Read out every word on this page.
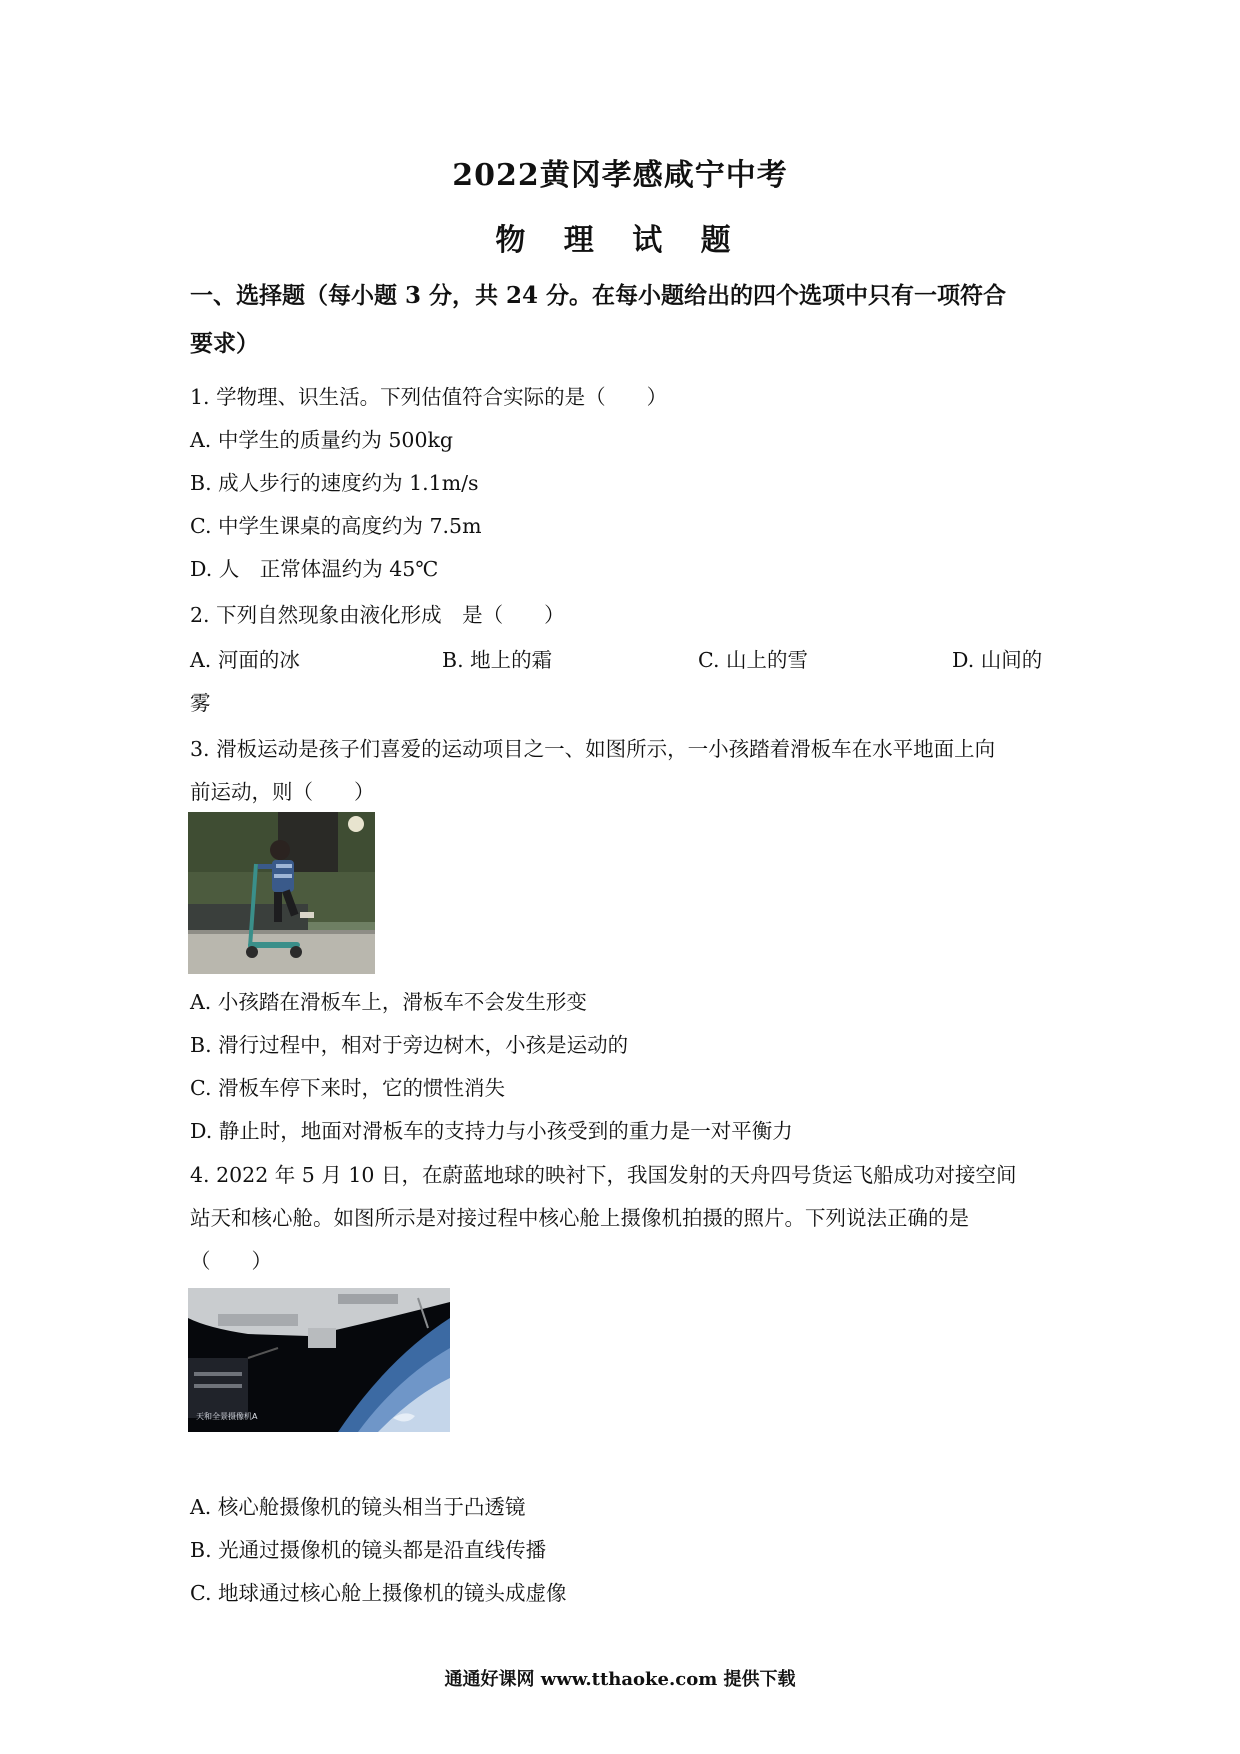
2022黄冈孝感咸宁中考
物 理 试 题
一、选择题（每小题 3 分，共 24 分。在每小题给出的四个选项中只有一项符合
要求）
1. 学物理、识生活。下列估值符合实际的是（　　）
A. 中学生的质量约为 500kg
B. 成人步行的速度约为 1.1m/s
C. 中学生课桌的高度约为 7.5m
D. 人　正常体温约为 45℃
2. 下列自然现象由液化形成　是（　　）
A. 河面的冰	B. 地上的霜	C. 山上的雪	D. 山间的
雾
3. 滑板运动是孩子们喜爱的运动项目之一、如图所示，一小孩踏着滑板车在水平地面上向
前运动，则（　　）
A. 小孩踏在滑板车上，滑板车不会发生形变
B. 滑行过程中，相对于旁边树木，小孩是运动的
C. 滑板车停下来时，它的惯性消失
D. 静止时，地面对滑板车的支持力与小孩受到的重力是一对平衡力
4. 2022 年 5 月 10 日，在蔚蓝地球的映衬下，我国发射的天舟四号货运飞船成功对接空间
站天和核心舱。如图所示是对接过程中核心舱上摄像机拍摄的照片。下列说法正确的是
（　　）
天和全景摄像机A
A. 核心舱摄像机的镜头相当于凸透镜
B. 光通过摄像机的镜头都是沿直线传播
C. 地球通过核心舱上摄像机的镜头成虚像
通通好课网 www.tthaoke.com 提供下载
